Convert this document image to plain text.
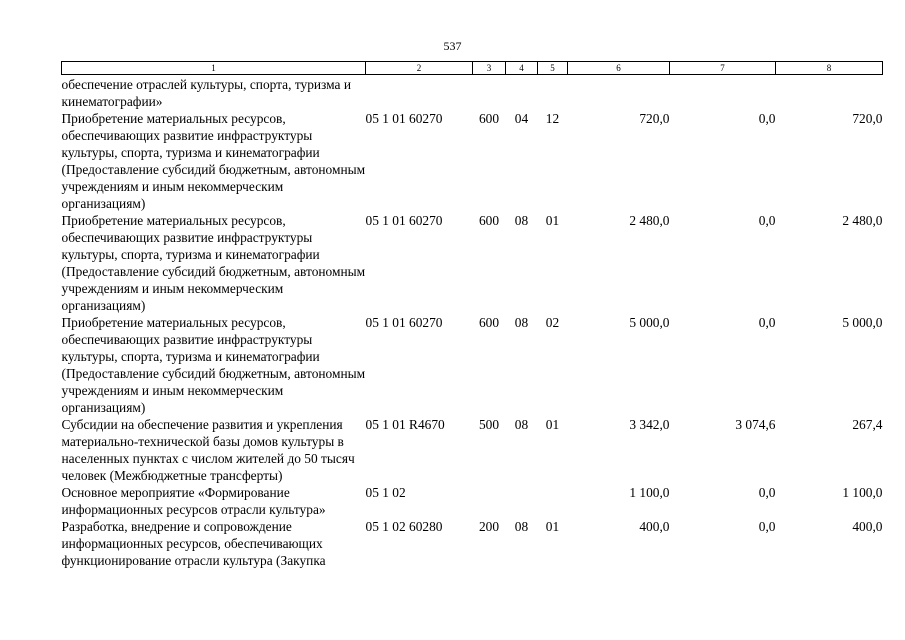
537
1	2	3	4	5	6	7	8
обеспечение отраслей культуры, спорта, туризма и кинематографии»							
Приобретение материальных ресурсов, обеспечивающих развитие инфраструктуры культуры, спорта, туризма и кинематографии (Предоставление субсидий бюджетным, автономным учреждениям и иным некоммерческим организациям)	05 1 01 60270	600	04	12	720,0	0,0	720,0
Приобретение материальных ресурсов, обеспечивающих развитие инфраструктуры культуры, спорта, туризма и кинематографии (Предоставление субсидий бюджетным, автономным учреждениям и иным некоммерческим организациям)	05 1 01 60270	600	08	01	2 480,0	0,0	2 480,0
Приобретение материальных ресурсов, обеспечивающих развитие инфраструктуры культуры, спорта, туризма и кинематографии (Предоставление субсидий бюджетным, автономным учреждениям и иным некоммерческим организациям)	05 1 01 60270	600	08	02	5 000,0	0,0	5 000,0
Субсидии на обеспечение развития и укрепления материально-технической базы домов культуры в населенных пунктах с числом жителей до 50 тысяч человек (Межбюджетные трансферты)	05 1 01 R4670	500	08	01	3 342,0	3 074,6	267,4
Основное мероприятие «Формирование информационных ресурсов отрасли культура»	05 1 02				1 100,0	0,0	1 100,0
Разработка, внедрение и сопровождение информационных ресурсов, обеспечивающих функционирование отрасли культура (Закупка	05 1 02 60280	200	08	01	400,0	0,0	400,0
